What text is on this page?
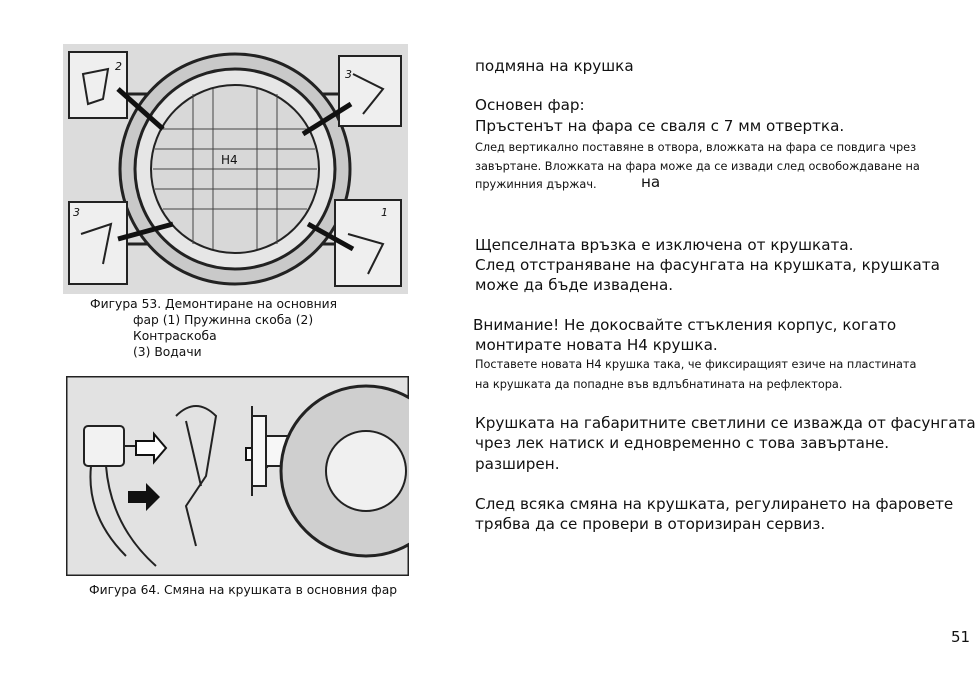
H4
2
3
3	1
Фигура 53. Демонтиране на основния
фар (1) Пружинна скоба (2)
Контраскоба
(3) Водачи
Фигура 64. Смяна на крушката в основния фар
подмяна на крушка
Основен фар:
Пръстенът на фара се сваля с 7 мм отвертка.
След вертикално поставяне в отвора, вложката на фара се повдига чрез
завъртане. Вложката на фара може да се извади след освобождаване на
пружинния държач.	на
Щепселната връзка е изключена от крушката.
След отстраняване на фасунгата на крушката, крушката
може да бъде извадена.
Внимание! Не докосвайте стъкления корпус, когато
монтирате новата H4 крушка.
Поставете новата H4 крушка така, че фиксиращият езиче на пластината
на крушката да попадне във вдлъбнатината на рефлектора.
Крушката на габаритните светлини се изважда от фасунгата
чрез лек натиск и едновременно с това завъртане.
разширен.
След всяка смяна на крушката, регулирането на фаровете
трябва да се провери в оторизиран сервиз.
51
